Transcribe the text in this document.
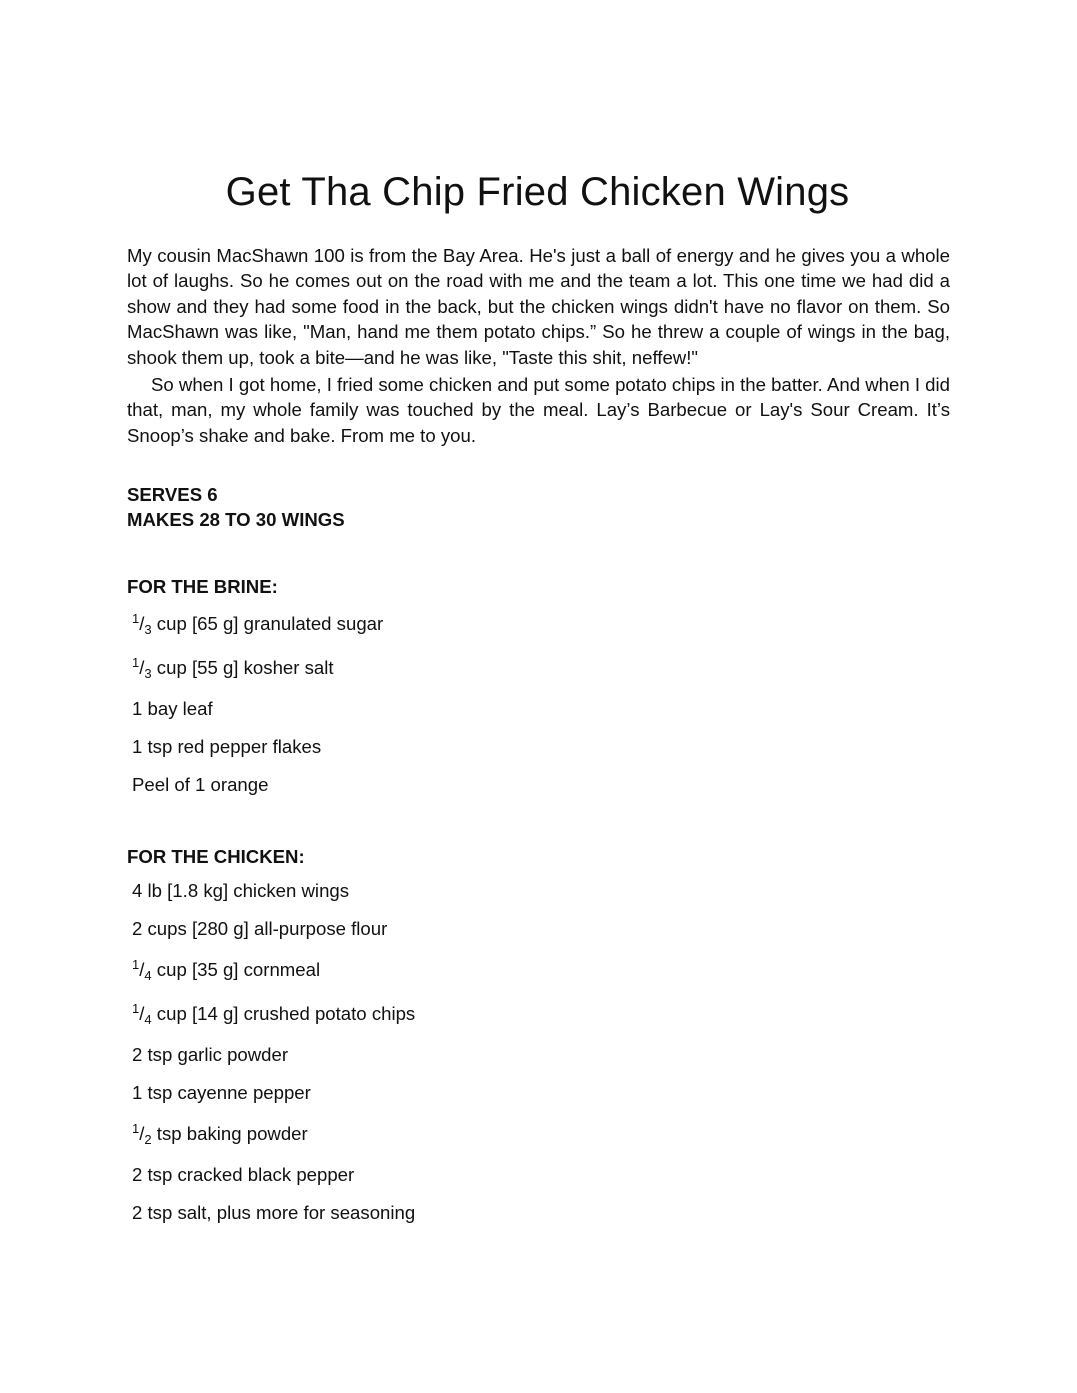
Get Tha Chip Fried Chicken Wings

My cousin MacShawn 100 is from the Bay Area. He's just a ball of energy and he gives you a whole lot of laughs. So he comes out on the road with me and the team a lot. This one time we had did a show and they had some food in the back, but the chicken wings didn't have no flavor on them. So MacShawn was like, "Man, hand me them potato chips.” So he threw a couple of wings in the bag, shook them up, took a bite—and he was like, "Taste this shit, neffew!"

So when I got home, I fried some chicken and put some potato chips in the batter. And when I did that, man, my whole family was touched by the meal. Lay’s Barbecue or Lay's Sour Cream. It’s Snoop’s shake and bake. From me to you.

SERVES 6
MAKES 28 TO 30 WINGS
FOR THE BRINE:
$^1/_3$ cup [65 g] granulated sugar
$^1/_3$ cup [55 g] kosher salt
1 bay leaf
1 tsp red pepper flakes
Peel of 1 orange
FOR THE CHICKEN:
4 lb [1.8 kg] chicken wings
2 cups [280 g] all-purpose flour
$^1/_4$ cup [35 g] cornmeal
$^1/_4$ cup [14 g] crushed potato chips
2 tsp garlic powder
1 tsp cayenne pepper
$^1/_2$ tsp baking powder
2 tsp cracked black pepper
2 tsp salt, plus more for seasoning
